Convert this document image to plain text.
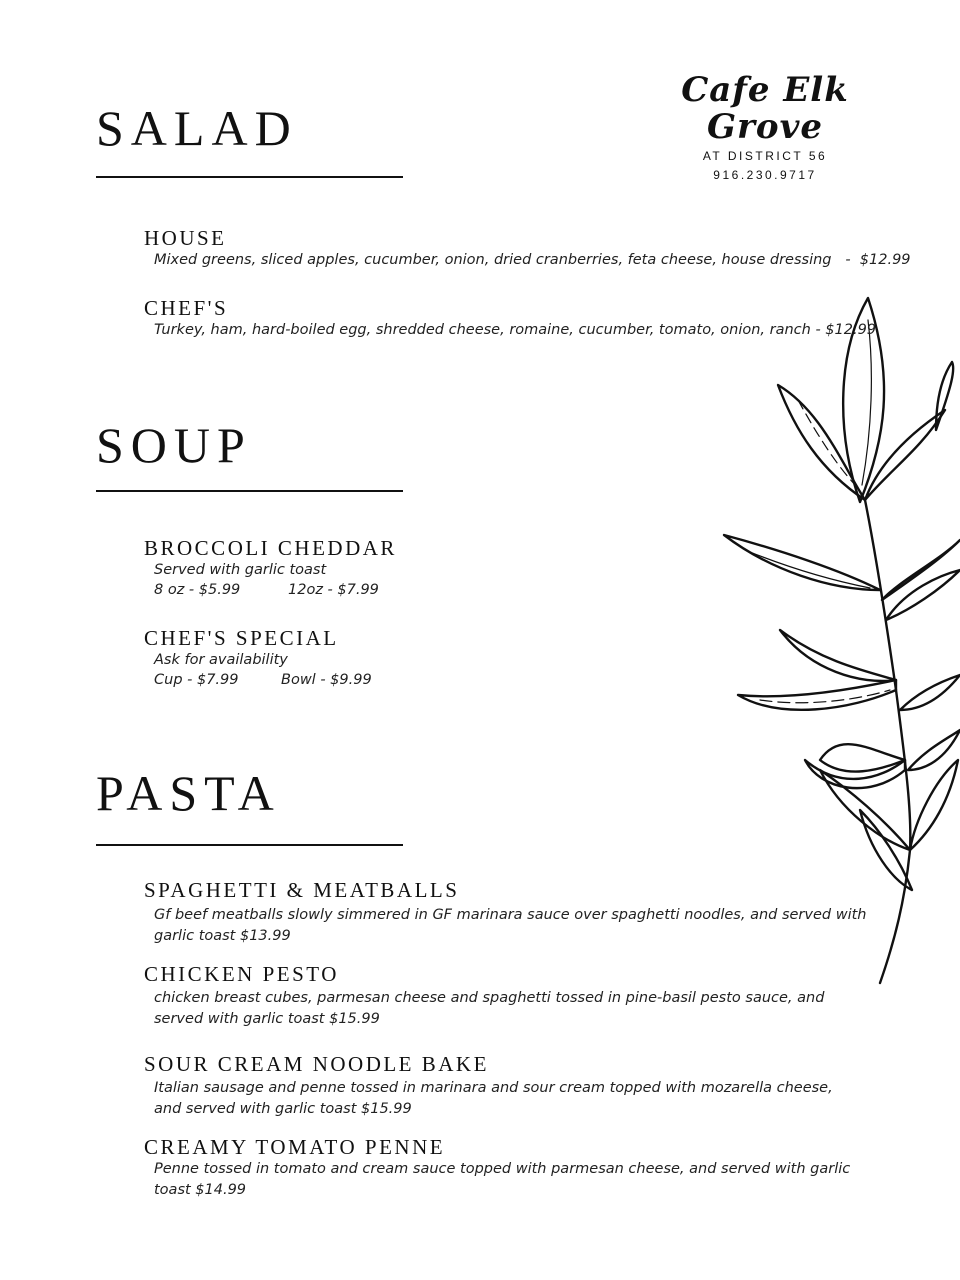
Cafe Elk Grove
AT DISTRICT 56
916.230.9717
SALAD
HOUSE

Mixed greens, sliced apples, cucumber, onion, dried cranberries, feta cheese, house dressing   -  $12.99

CHEF'S

Turkey, ham, hard-boiled egg, shredded cheese, romaine, cucumber, tomato, onion, ranch - $12.99

SOUP
BROCCOLI CHEDDAR

Served with garlic toast

8 oz - $5.99	12oz - $7.99

CHEF'S SPECIAL

Ask for availability

Cup - $7.99	Bowl - $9.99

PASTA
SPAGHETTI & MEATBALLS

Gf beef meatballs slowly simmered in GF marinara sauce over spaghetti noodles, and served with garlic toast $13.99

CHICKEN PESTO

chicken breast cubes, parmesan cheese and spaghetti tossed in pine-basil pesto sauce, and served with garlic toast $15.99

SOUR CREAM NOODLE BAKE

Italian sausage and penne tossed in marinara and sour cream topped with mozarella cheese, and served with garlic toast $15.99

CREAMY TOMATO PENNE

Penne tossed in tomato and cream sauce topped with parmesan cheese, and served with garlic toast $14.99
